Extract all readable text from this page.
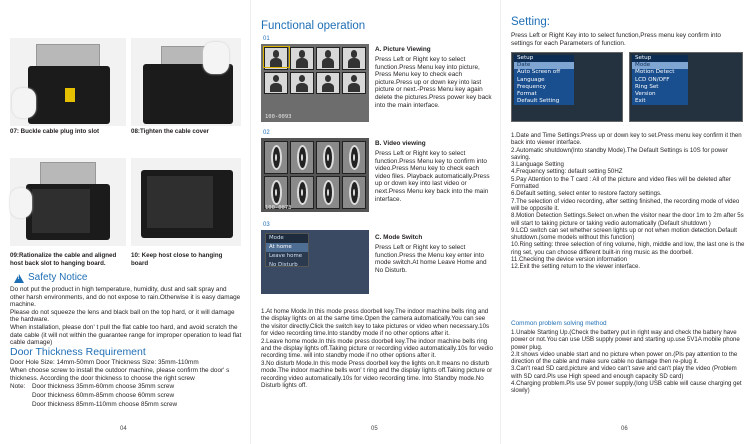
07: Buckle cable plug into slot	08:Tighten the cable cover
09:Rationalize the cable and aligned host back slot to hanging board.
10: Keep host close to hanging board
! Safety Notice
Do not put the product in high temperature, humidity, dust and salt spray and other harsh environments, and do not expose to rain.Otherwise it is easy damage machine.
Please do not squeeze the lens and black ball on the top hard, or it will damage the hardware.
When installation, please don' t pull the flat cable too hard, and avoid scratch the date cable (it will not within the guarantee range for improper operation to lead flat cable damage)
Door Thickness Requirement
Door Hole Size: 14mm-50mm Door Thickness Size: 35mm-110mm
When choose screw to install the outdoor machine, please confirm the door' s thickness. According the door thickness to choose the right screw
Note: Door thickness 35mm-60mm choose 35mm screw
Door thickness 60mm-85mm choose 60mm screw
Door thickness 85mm-110mm choose 85mm screw
04
Functional operation
01
100-0093
A. Picture Viewing
Press Left or Right key to select function.Press Menu key into picture, Press Menu key to check each picture.Press up or down key into last picture or next.-Press Menu key again delete the pictures.Press power key back into the main interface.
02
100-0073
B. Video viewing
Press Left or Right key to select function.Press Menu key to confirm into video.Press Menu key to check each video files. Playback automatically.Press up or down key into last video or next.Press Menu key back into the main interface.
03
Mode
At home
Leave home
No Disturb
C. Mode Switch
Press Left or Right key to select function.Press the Menu key enter into mode switch.At home Leave Home and No Disturb.
1.At home Mode.In this mode press doorbell key.The indoor machine bells ring and the display lights on at the same time.Open the camera automatically.You can see the visitor directly.Click the switch key to take pictures or video when necessary.10s for video recording time.Into standby mode if no other options after it.
2.Leave home mode.In this mode press doorbell key.The indoor machine bells ring and the display lights off.Taking picture or recording video automatically.10s for vedio recording time. will into standby mode if no other options after it.
3.No disturb Mode.In this mode Press doorbell key the lights on.It means no disturb mode.The indoor machine bells won' t ring and the display lights off.Taking picture or recording video automatically.10s for video recording time. Into Standby mode.No Disturb lights off.
05
Setting:
Press Left or Right Key into to select function,Press menu key confirm into settings for each Parameters of function.
Setup
Date
Auto Screen off
Language
Frequency
Format
Default Setting
Setup
Mode
Motion Detect
LCD ON/OFF
Ring Set
Version
Exit
1.Date and Time Settings:Press up or down key to set.Press menu key confirm it then back into viewer interface.
2.Automatic shutdown(Into standby Mode).The Default Settings is 10S for power saving.
3.Language Setting
4.Frequency setting: default setting 50HZ
5.Pay Attention to the T card : All of the picture and video files will be deleted after Formatted
6.Default setting, select enter to restore factory settings.
7.The selection of video recording, after setting finished, the recording mode of video will be opposite it.
8.Motion Detection Settings.Select on.when the visitor near the door 1m to 2m after 5s will start to taking picture or taking vedio automatically (Default shutdown )
9.LCD switch can set whether screen lights up or not when motion detection.Default shutdown.(some models without this function)
10.Ring setting: three selection of ring volume, high, middle and low, the last one is the ring set, you can choose different built-in ring music as the doorbell.
11.Checking the device version information
12.Exit the setting return to the viewer interface.
Common problem solving method
1.Unable Starting Up.(Check the battery put in right way and check the battery have power or not.You can use USB supply power and starting up.use 5V1A mobile phone power plug.
2.It shows video unable start and no picture when power on.(Pls pay attention to the direction of the cable and make sure cable no damage then re-plug it.
3.Can't read SD card.picture and video can't save and can't play the video (Problem with SD card.Pls use High speed and enough capacity SD card)
4.Charging problem.Pls use 5V power supply.(long USB cable will cause charging get slowly)
06
